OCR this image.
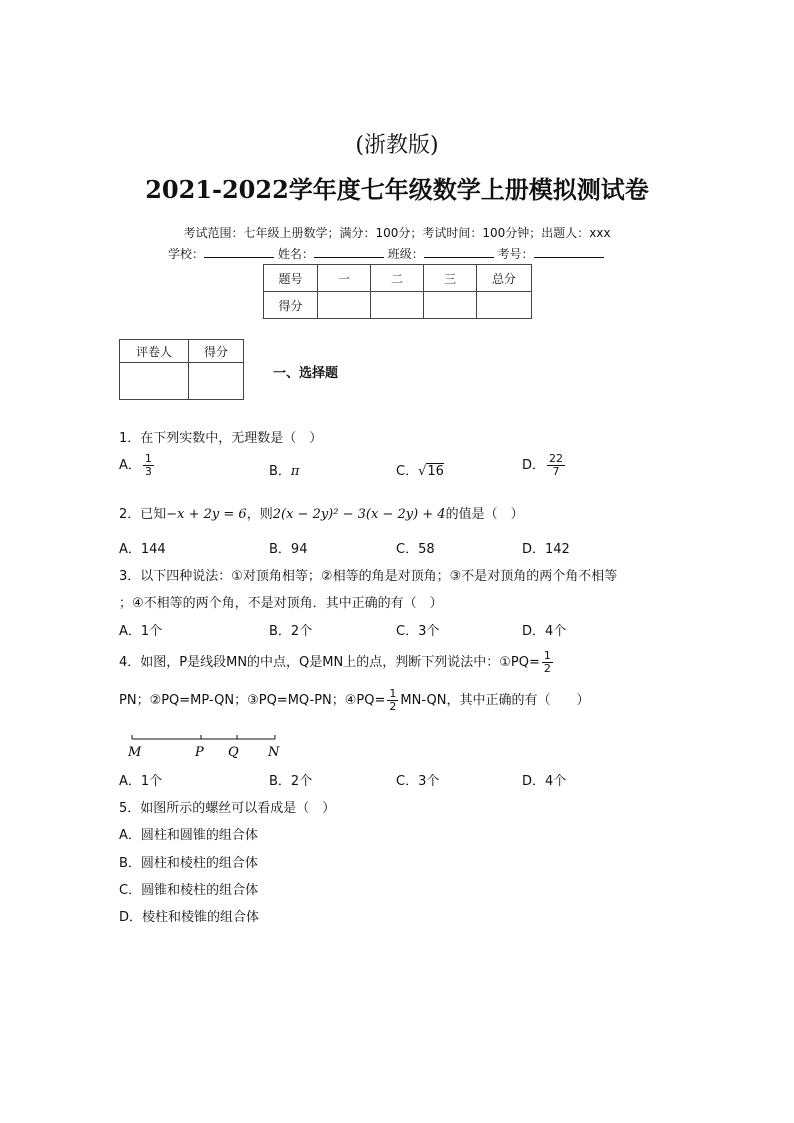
(浙教版)
2021-2022学年度七年级数学上册模拟测试卷
考试范围：七年级上册数学；满分：100分；考试时间：100分钟；出题人：xxx
学校：	姓名：	班级：	考号：
题号	一	二	三	总分
得分				
评卷人	得分

一、选择题
1．在下列实数中，无理数是（　）
A． $\frac{1}{3}$	B．π	C．√16	D． $\frac{22}{7}$
2．已知−x + 2y = 6，则2(x − 2y)² − 3(x − 2y) + 4的值是（　）
A．144	B．94	C．58	D．142
3．以下四种说法：①对顶角相等；②相等的角是对顶角；③不是对顶角的两个角不相等
；④不相等的两个角，不是对顶角．其中正确的有（　）
A．1个	B．2个	C．3个	D．4个
4．如图，P是线段MN的中点，Q是MN上的点，判断下列说法中：①PQ= $\frac{1}{2}$
PN；②PQ=MP-QN；③PQ=MQ-PN；④PQ= $\frac{1}{2} MN-QN$，其中正确的有（　　）
M	P Q N
A．1个	B．2个	C．3个	D．4个
5．如图所示的螺丝可以看成是（　）
A．圆柱和圆锥的组合体
B．圆柱和棱柱的组合体
C．圆锥和棱柱的组合体
D．棱柱和棱锥的组合体
